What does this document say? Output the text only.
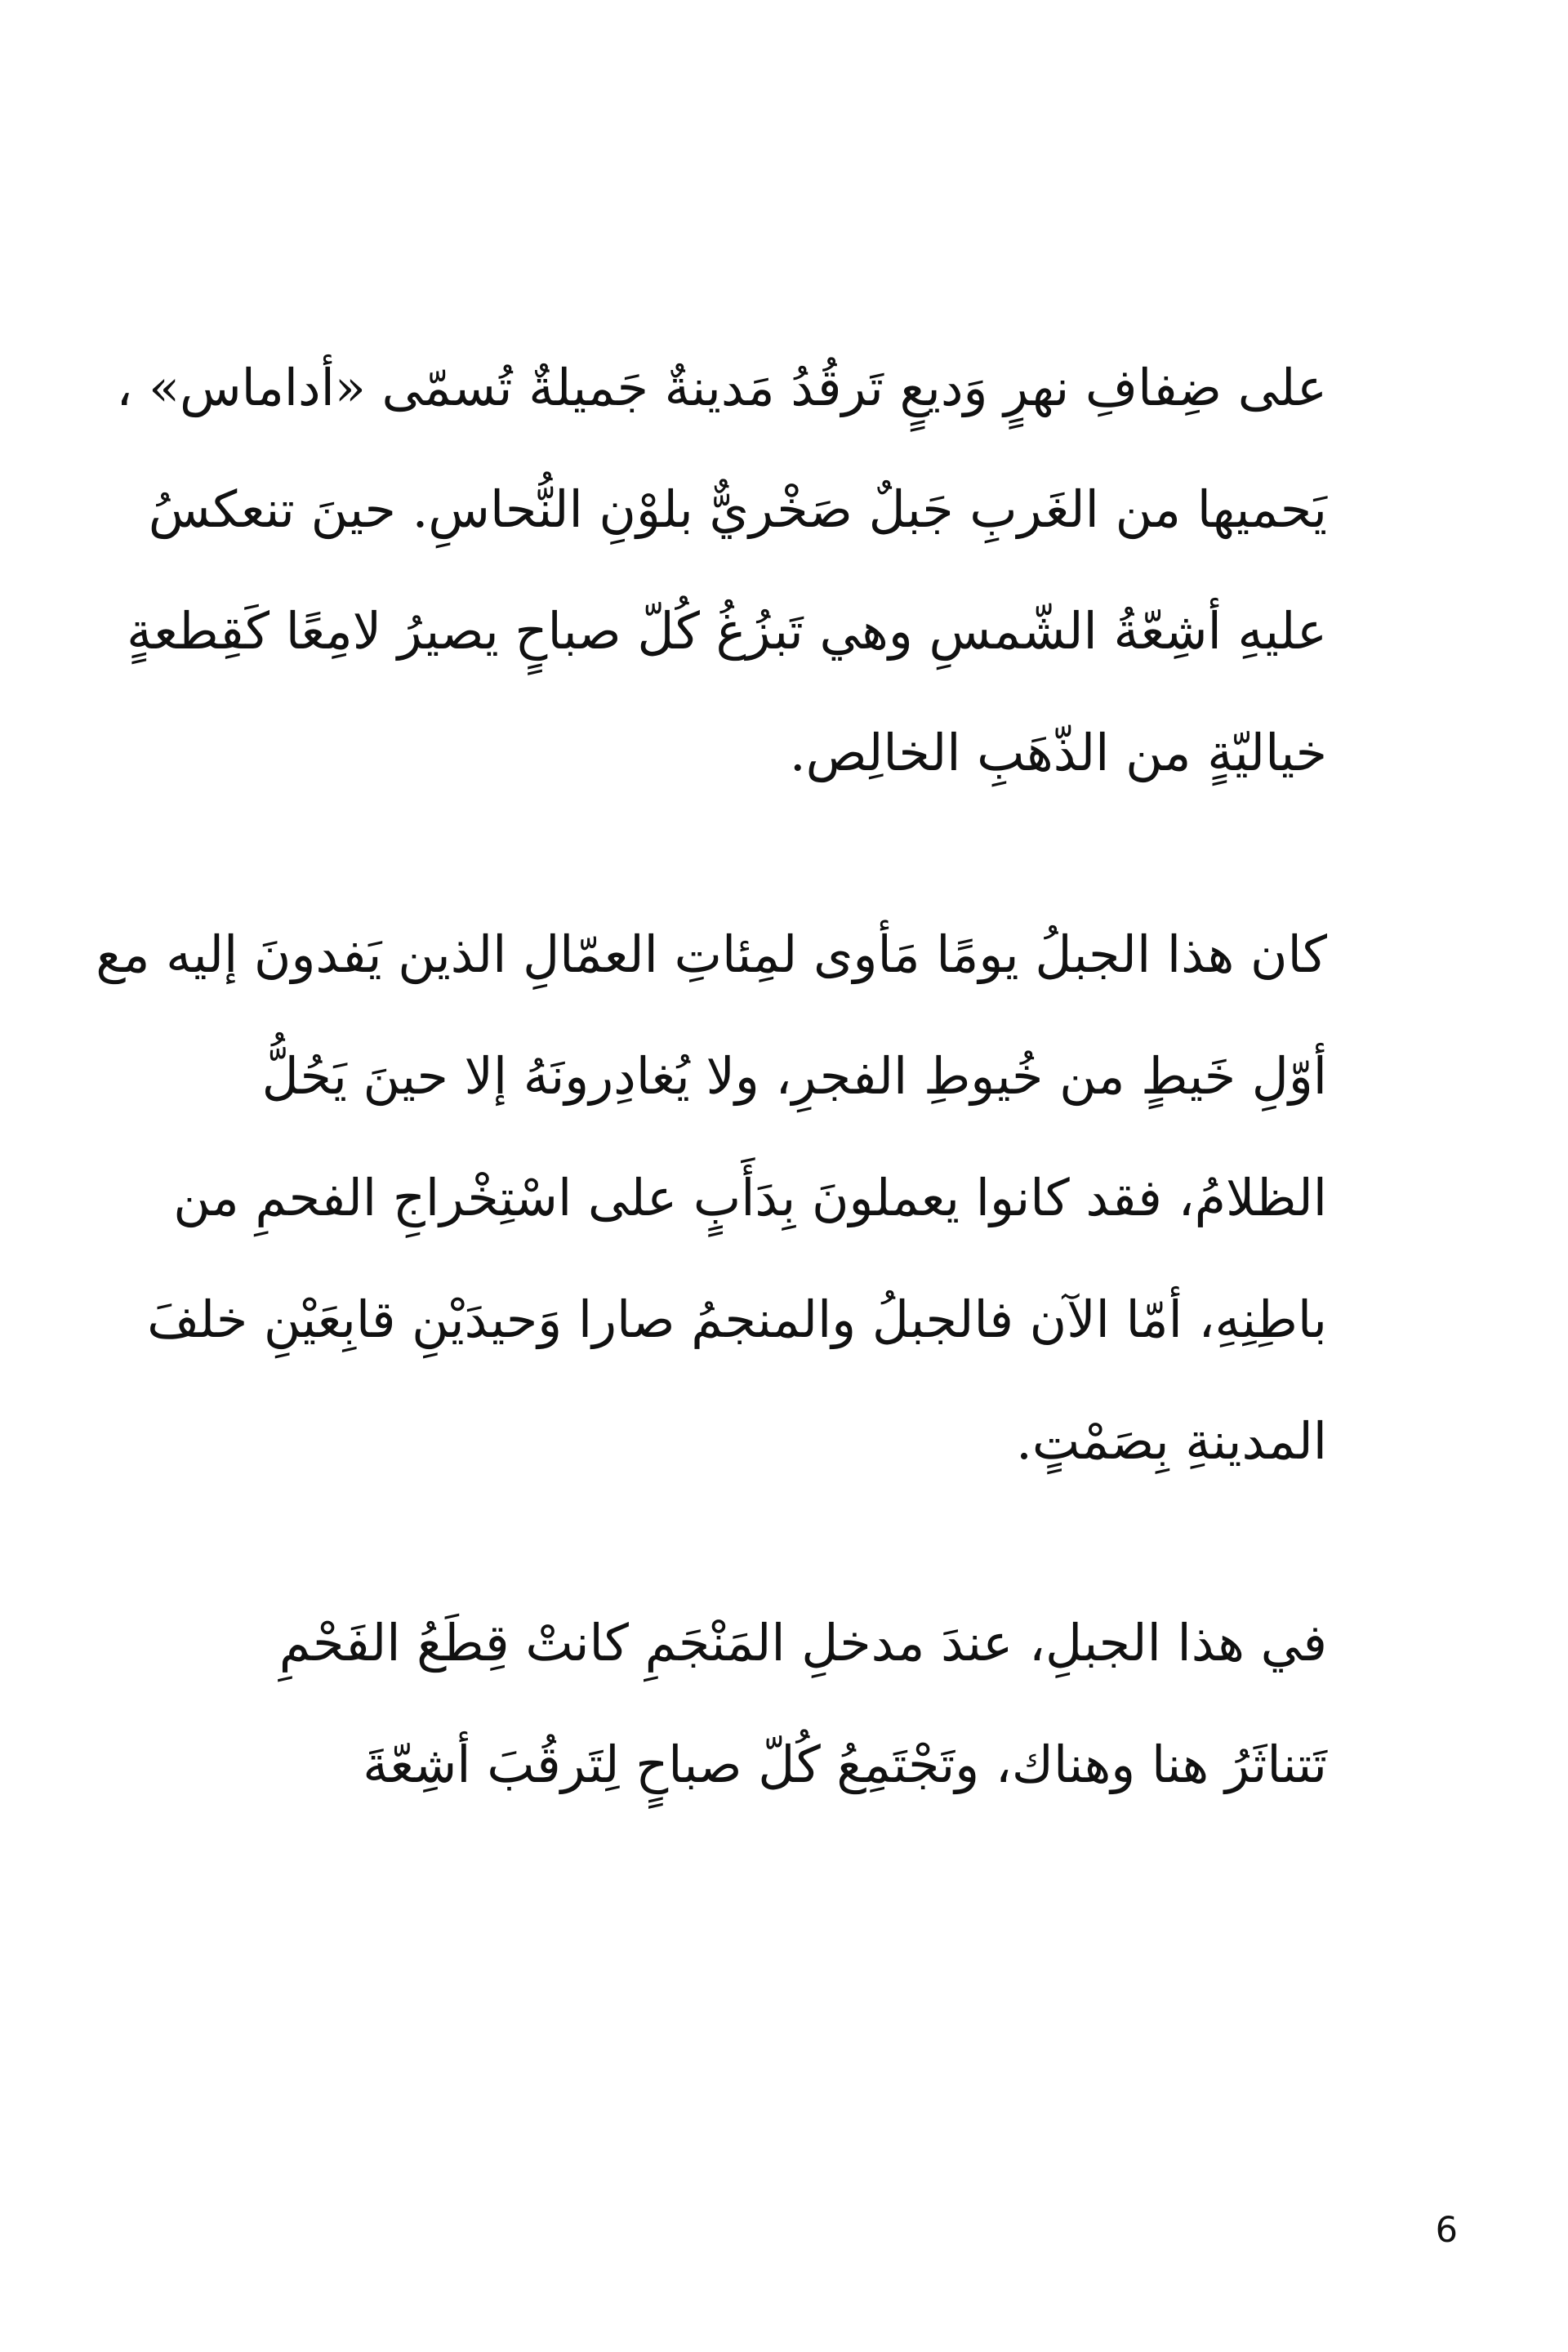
على ضِفافِ نهرٍ وَديعٍ تَرقُدُ مَدينةٌ جَميلةٌ تُسمّى «أداماس» ،
يَحميها من الغَربِ جَبلٌ صَخْريٌّ بلوْنِ النُّحاسِ. حينَ تنعكسُ
عليهِ أشِعّةُ الشّمسِ وهي تَبزُغُ كُلّ صباحٍ يصيرُ لامِعًا كَقِطعةٍ
خياليّةٍ من الذّهَبِ الخالِص.

كان هذا الجبلُ يومًا مَأوى لمِئاتِ العمّالِ الذين يَفدونَ إليه مع
أوّلِ خَيطٍ من خُيوطِ الفجرِ، ولا يُغادِرونَهُ إلا حينَ يَحُلُّ
الظلامُ، فقد كانوا يعملونَ بِدَأَبٍ على اسْتِخْراجِ الفحمِ من
باطِنِهِ، أمّا الآن فالجبلُ والمنجمُ صارا وَحيدَيْنِ قابِعَيْنِ خلفَ
المدينةِ بِصَمْتٍ.

في هذا الجبلِ، عندَ مدخلِ المَنْجَمِ كانتْ قِطَعُ الفَحْمِ
تَتناثَرُ هنا وهناك، وتَجْتَمِعُ كُلّ صباحٍ لِتَرقُبَ أشِعّةَ

6
